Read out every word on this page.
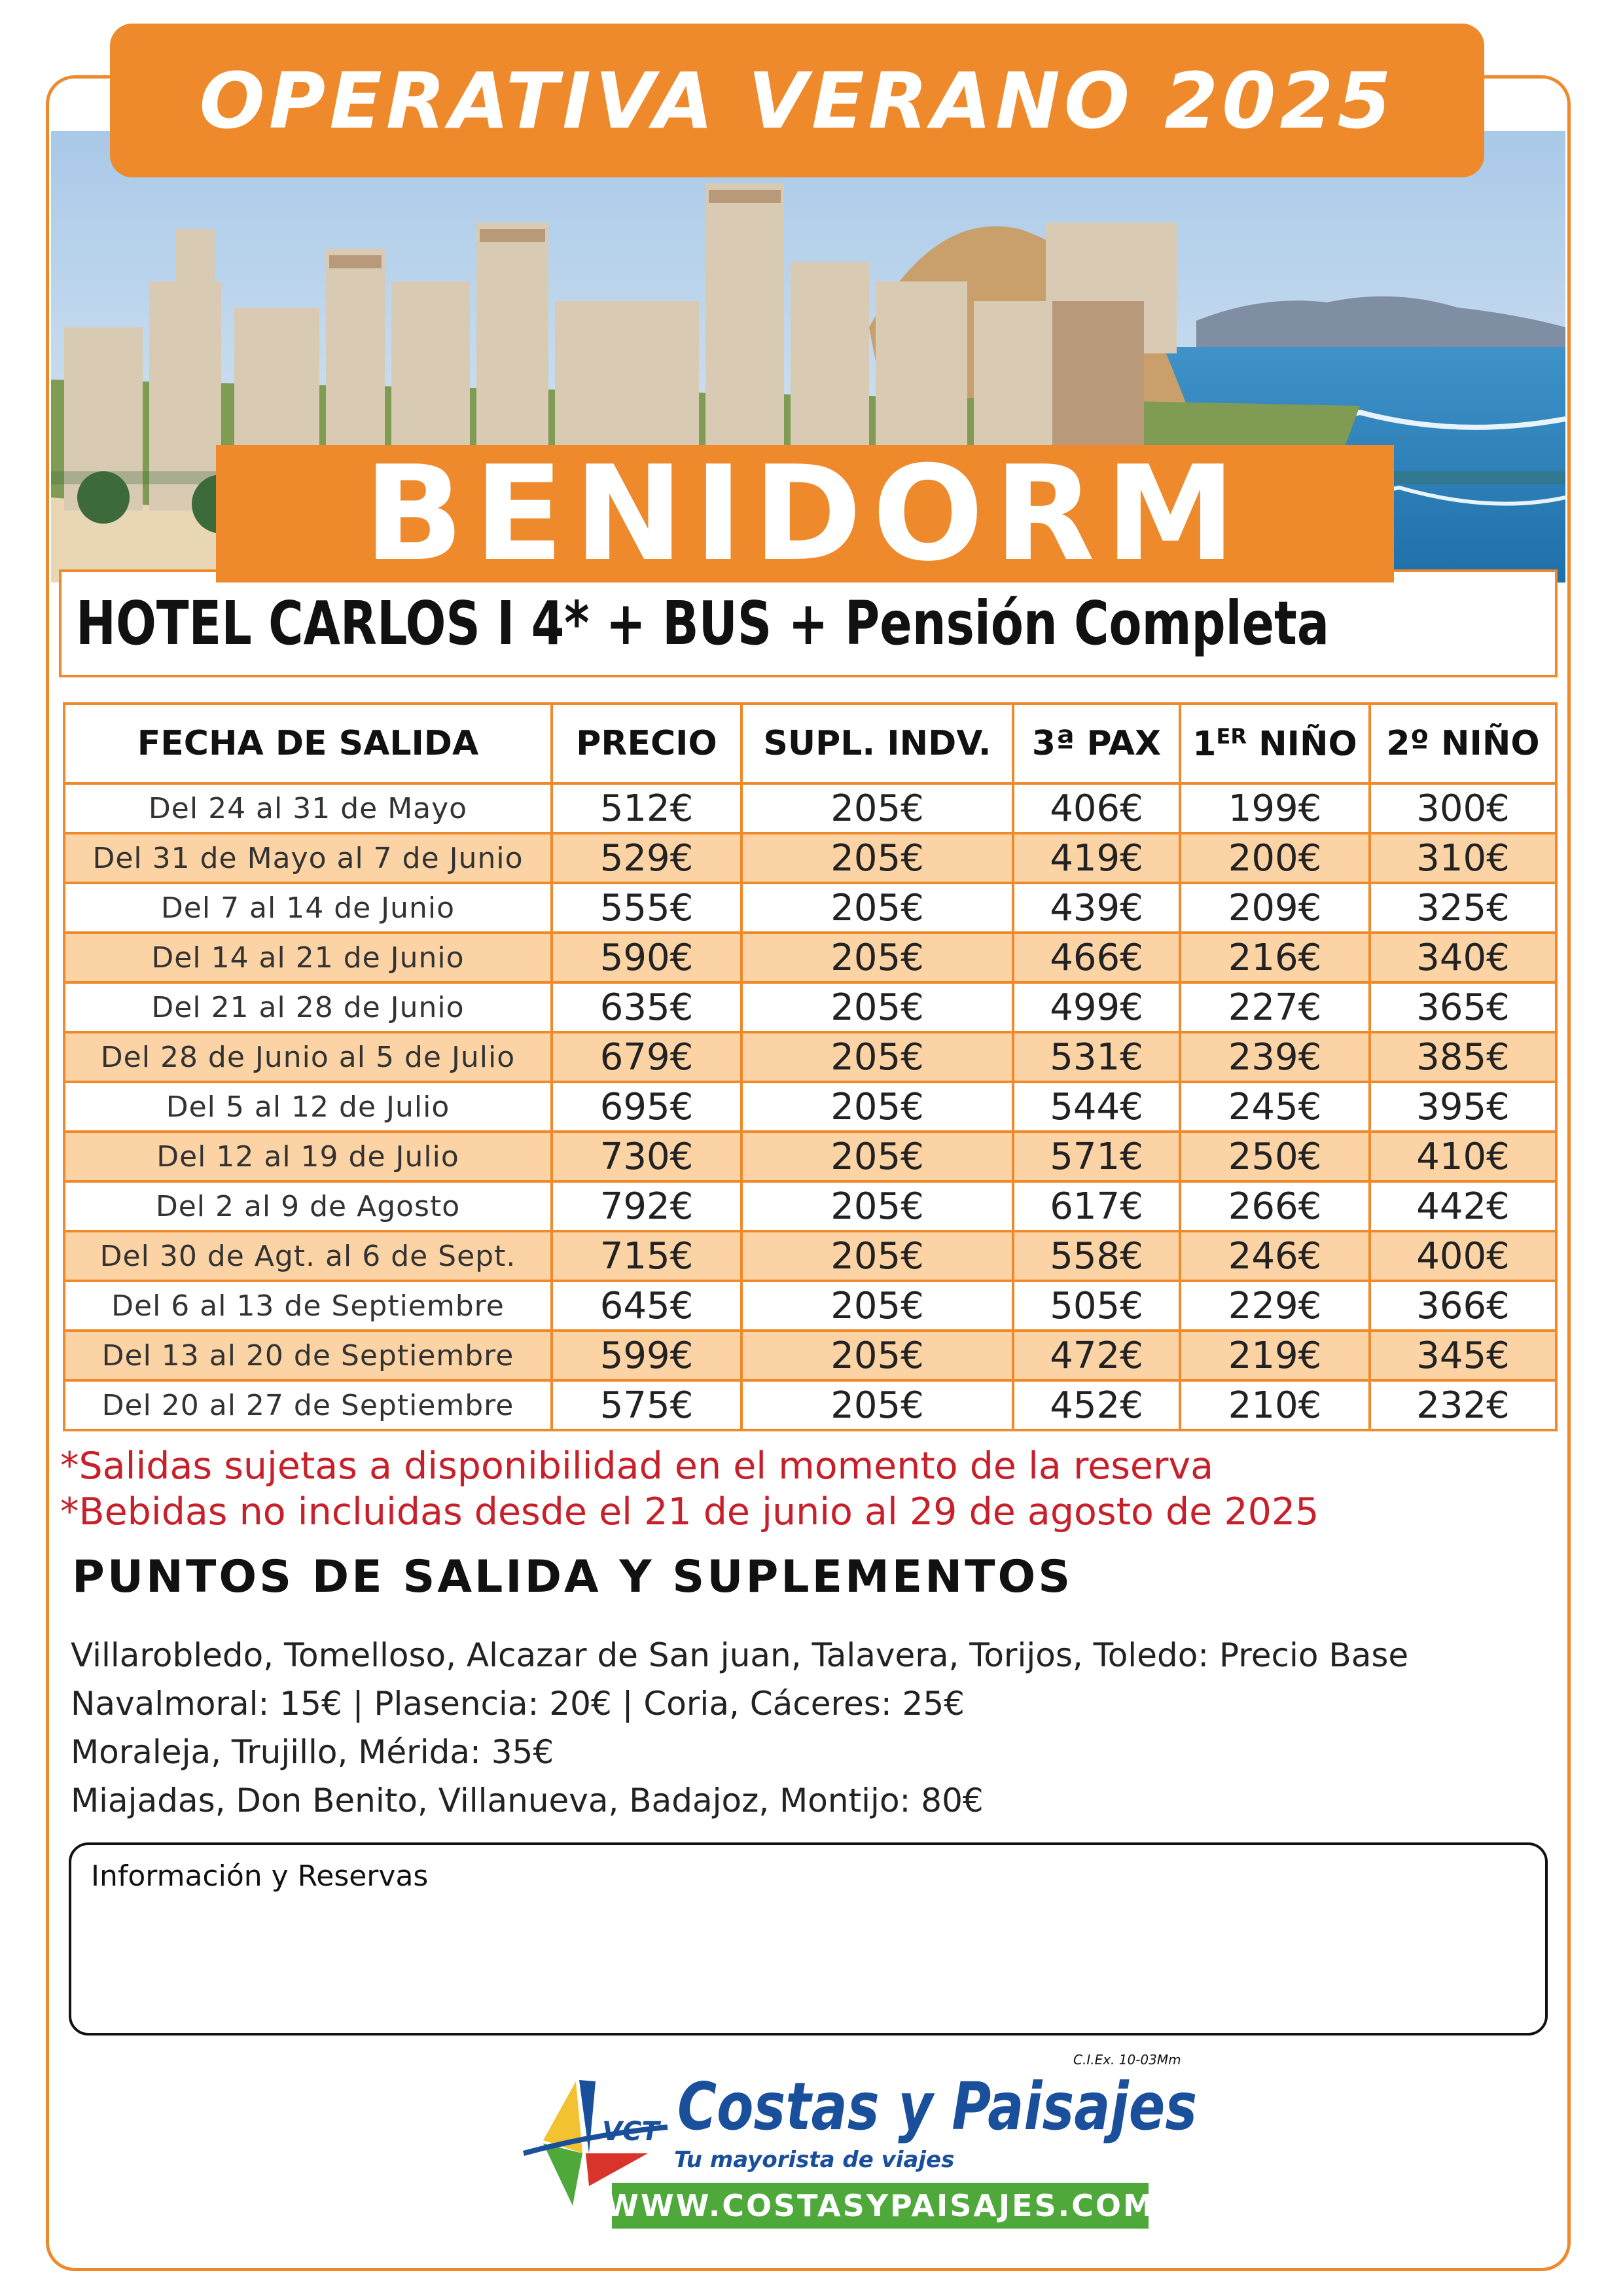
OPERATIVA VERANO 2025
BENIDORM
HOTEL CARLOS I 4* + BUS + Pensión Completa
FECHA DE SALIDA	PRECIO	SUPL. INDV.	3ª PAX	1ER NIÑO	2º NIÑO
Del 24 al 31 de Mayo	512€	205€	406€	199€	300€
Del 31 de Mayo al 7 de Junio	529€	205€	419€	200€	310€
Del 7 al 14 de Junio	555€	205€	439€	209€	325€
Del 14 al 21 de Junio	590€	205€	466€	216€	340€
Del 21 al 28 de Junio	635€	205€	499€	227€	365€
Del 28 de Junio al 5 de Julio	679€	205€	531€	239€	385€
Del 5 al 12 de Julio	695€	205€	544€	245€	395€
Del 12 al 19 de Julio	730€	205€	571€	250€	410€
Del 2 al 9 de Agosto	792€	205€	617€	266€	442€
Del 30 de Agt. al 6 de Sept.	715€	205€	558€	246€	400€
Del 6 al 13 de Septiembre	645€	205€	505€	229€	366€
Del 13 al 20 de Septiembre	599€	205€	472€	219€	345€
Del 20 al 27 de Septiembre	575€	205€	452€	210€	232€
*Salidas sujetas a disponibilidad en el momento de la reserva
*Bebidas no incluidas desde el 21 de junio al 29 de agosto de 2025
PUNTOS DE SALIDA Y SUPLEMENTOS
Villarobledo, Tomelloso, Alcazar de San juan, Talavera, Torijos, Toledo: Precio Base
Navalmoral: 15€ | Plasencia: 20€ | Coria, Cáceres: 25€
Moraleja, Trujillo, Mérida: 35€
Miajadas, Don Benito, Villanueva, Badajoz, Montijo: 80€
Información y Reservas
C.I.Ex. 10-03Mm
VCT Costas y Paisajes
Tu mayorista de viajes
WWW.COSTASYPAISAJES.COM
